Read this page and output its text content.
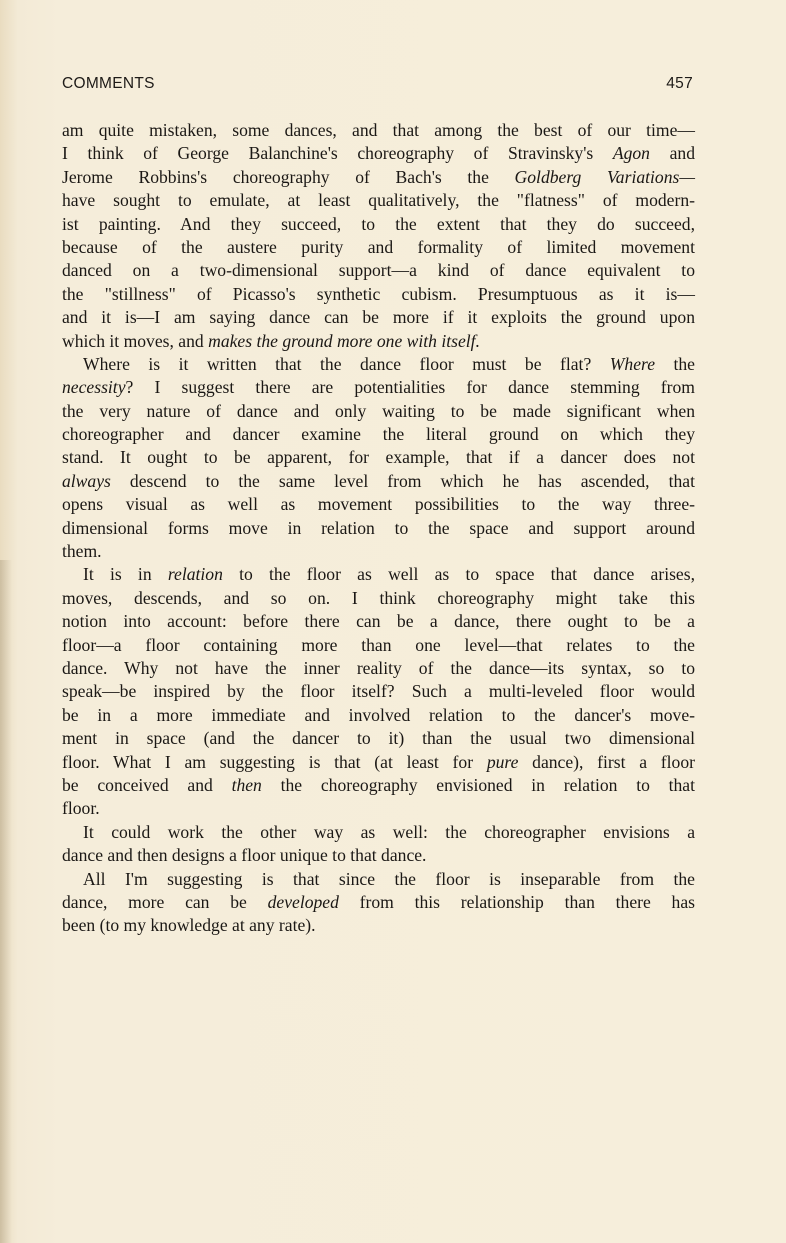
COMMENTS	457
am quite mistaken, some dances, and that among the best of our time—
I think of George Balanchine's choreography of Stravinsky's Agon and
Jerome Robbins's choreography of Bach's the Goldberg Variations—
have sought to emulate, at least qualitatively, the "flatness" of modern-
ist painting. And they succeed, to the extent that they do succeed,
because of the austere purity and formality of limited movement
danced on a two-dimensional support—a kind of dance equivalent to
the "stillness" of Picasso's synthetic cubism. Presumptuous as it is—
and it is—I am saying dance can be more if it exploits the ground upon
which it moves, and makes the ground more one with itself.
Where is it written that the dance floor must be flat? Where the
necessity? I suggest there are potentialities for dance stemming from
the very nature of dance and only waiting to be made significant when
choreographer and dancer examine the literal ground on which they
stand. It ought to be apparent, for example, that if a dancer does not
always descend to the same level from which he has ascended, that
opens visual as well as movement possibilities to the way three-
dimensional forms move in relation to the space and support around
them.
It is in relation to the floor as well as to space that dance arises,
moves, descends, and so on. I think choreography might take this
notion into account: before there can be a dance, there ought to be a
floor—a floor containing more than one level—that relates to the
dance. Why not have the inner reality of the dance—its syntax, so to
speak—be inspired by the floor itself? Such a multi-leveled floor would
be in a more immediate and involved relation to the dancer's move-
ment in space (and the dancer to it) than the usual two dimensional
floor. What I am suggesting is that (at least for pure dance), first a floor
be conceived and then the choreography envisioned in relation to that
floor.
It could work the other way as well: the choreographer envisions a
dance and then designs a floor unique to that dance.
All I'm suggesting is that since the floor is inseparable from the
dance, more can be developed from this relationship than there has
been (to my knowledge at any rate).
